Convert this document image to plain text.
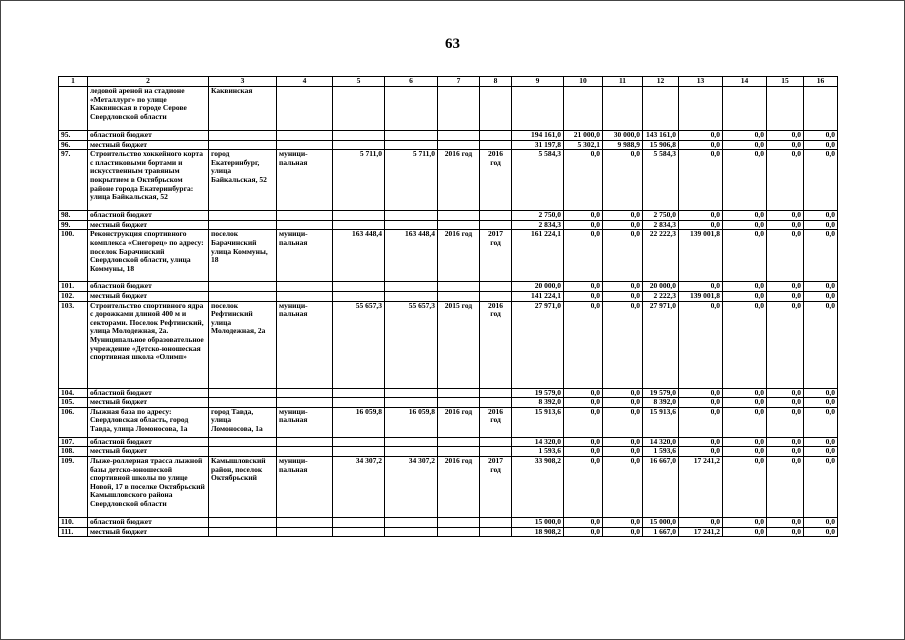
63
1	2	3	4	5	6	7	8	9	10	11	12	13	14	15	16
	ледовой ареной на стадионе «Металлург» по улице Каквинская в городе Серове Свердловской области	Каквинская													
95.	областной бюджет							194 161,0	21 000,0	30 000,0	143 161,0	0,0	0,0	0,0	0,0
96.	местный бюджет							31 197,8	5 302,1	9 988,9	15 906,8	0,0	0,0	0,0	0,0
97.	Строительство хоккейного корта с пластиковыми бортами и искусственным травяным покрытием в Октябрьском районе города Екатеринбурга: улица Байкальская, 52	город Екатеринбург, улица Байкальская, 52	муници-пальная	5 711,0	5 711,0	2016 год	2016 год	5 584,3	0,0	0,0	5 584,3	0,0	0,0	0,0	0,0
98.	областной бюджет							2 750,0	0,0	0,0	2 750,0	0,0	0,0	0,0	0,0
99.	местный бюджет							2 834,3	0,0	0,0	2 834,3	0,0	0,0	0,0	0,0
100.	Реконструкция спортивного комплекса «Снегорец» по адресу: поселок Барачинский Свердловской области, улица Коммуны, 18	поселок Барачинский улица Коммуны, 18	муници-пальная	163 448,4	163 448,4	2016 год	2017 год	161 224,1	0,0	0,0	22 222,3	139 001,8	0,0	0,0	0,0
101.	областной бюджет							20 000,0	0,0	0,0	20 000,0	0,0	0,0	0,0	0,0
102.	местный бюджет							141 224,1	0,0	0,0	2 222,3	139 001,8	0,0	0,0	0,0
103.	Строительство спортивного ядра с дорожками длиной 400 м и секторами. Поселок Рефтинский, улица Молодежная, 2а. Муниципальное образовательное учреждение «Детско-юношеская спортивная школа «Олимп»	поселок Рефтинский улица Молодежная, 2а	муници-пальная	55 657,3	55 657,3	2015 год	2016 год	27 971,0	0,0	0,0	27 971,0	0,0	0,0	0,0	0,0
104.	областной бюджет							19 579,0	0,0	0,0	19 579,0	0,0	0,0	0,0	0,0
105.	местный бюджет							8 392,0	0,0	0,0	8 392,0	0,0	0,0	0,0	0,0
106.	Лыжная база по адресу: Свердловская область, город Тавда, улица Ломоносова, 1а	город Тавда, улица Ломоносова, 1а	муници-пальная	16 059,8	16 059,8	2016 год	2016 год	15 913,6	0,0	0,0	15 913,6	0,0	0,0	0,0	0,0
107.	областной бюджет							14 320,0	0,0	0,0	14 320,0	0,0	0,0	0,0	0,0
108.	местный бюджет							1 593,6	0,0	0,0	1 593,6	0,0	0,0	0,0	0,0
109.	Лыже-роллерная трасса лыжной базы детско-юношеской спортивной школы по улице Новой, 17 в поселке Октябрьский Камышловского района Свердловской области	Камышловский район, поселок Октябрьский	муници-пальная	34 307,2	34 307,2	2016 год	2017 год	33 908,2	0,0	0,0	16 667,0	17 241,2	0,0	0,0	0,0
110.	областной бюджет							15 000,0	0,0	0,0	15 000,0	0,0	0,0	0,0	0,0
111.	местный бюджет							18 908,2	0,0	0,0	1 667,0	17 241,2	0,0	0,0	0,0
